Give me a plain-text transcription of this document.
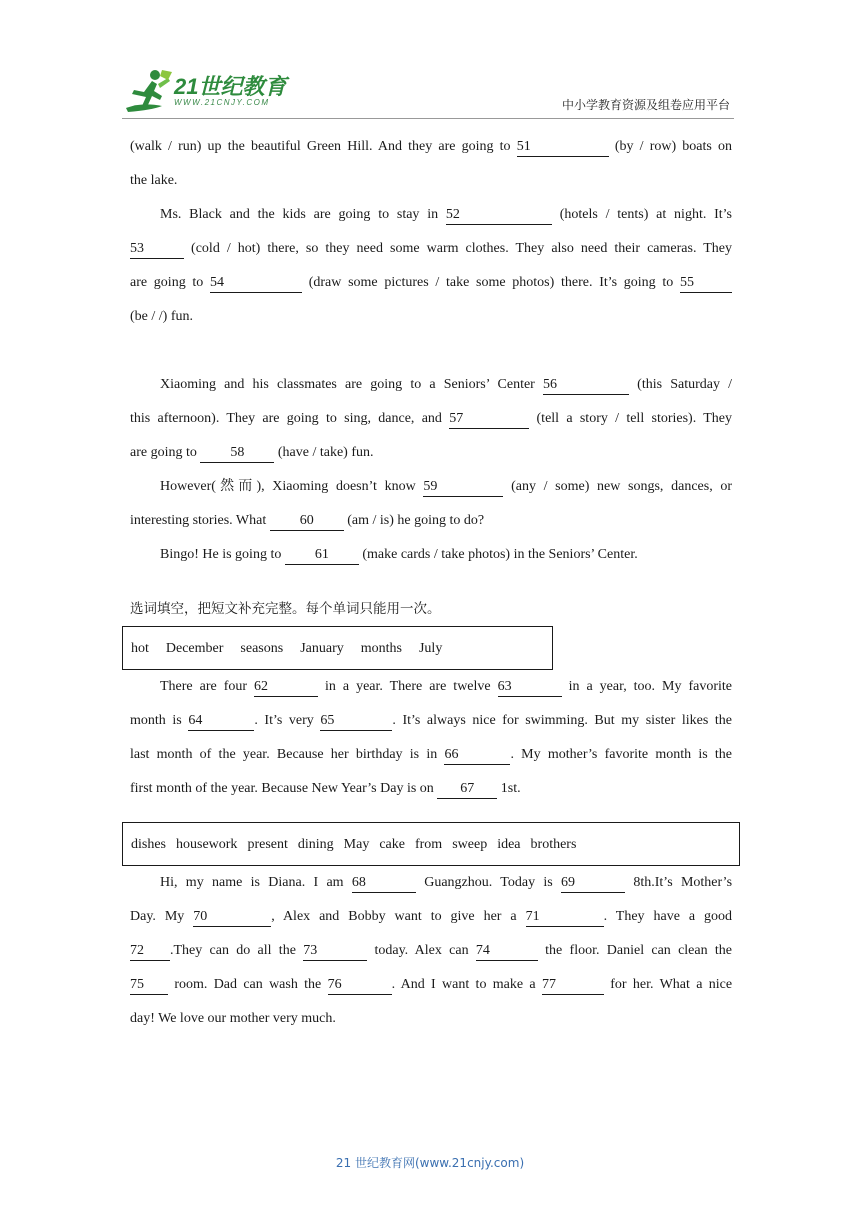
21世纪教育
WWW.21CNJY.COM	中小学教育资源及组卷应用平台
(walk / run) up the beautiful Green Hill. And they are going to 51	(by / row) boats on
the lake.
Ms. Black and the kids are going to stay in 52	(hotels / tents) at night. It’s
53	(cold / hot) there, so they need some warm clothes. They also need their cameras. They
are going to 54	(draw some pictures / take some photos) there. It’s going to 55
(be / /) fun.
Xiaoming and his classmates are going to a Seniors’ Center 56	(this Saturday /
this afternoon). They are going to sing, dance, and 57	(tell a story / tell stories). They
are going to 58 (have / take) fun.
However(然而), Xiaoming doesn’t know 59	(any / some) new songs, dances, or
interesting stories. What 60 (am / is) he going to do?
Bingo! He is going to 61 (make cards / take photos) in the Seniors’ Center.
选词填空，把短文补充完整。每个单词只能用一次。
hot December seasons January months July
There are four 62	in a year. There are twelve 63	in a year, too. My favorite
month is 64	. It’s very 65	. It’s always nice for swimming. But my sister likes the
last month of the year. Because her birthday is in 66	. My mother’s favorite month is the
first month of the year. Because New Year’s Day is on 67 1st.
dishes housework present dining May cake from sweep idea brothers
Hi, my name is Diana. I am 68	Guangzhou. Today is 69	8th.It’s Mother’s
Day. My 70	, Alex and Bobby want to give her a 71	. They have a good
72 .They can do all the 73	today. Alex can 74	the floor. Daniel can clean the
75 room. Dad can wash the 76	. And I want to make a 77	for her. What a nice
day! We love our mother very much.
21 世纪教育网(www.21cnjy.com)
